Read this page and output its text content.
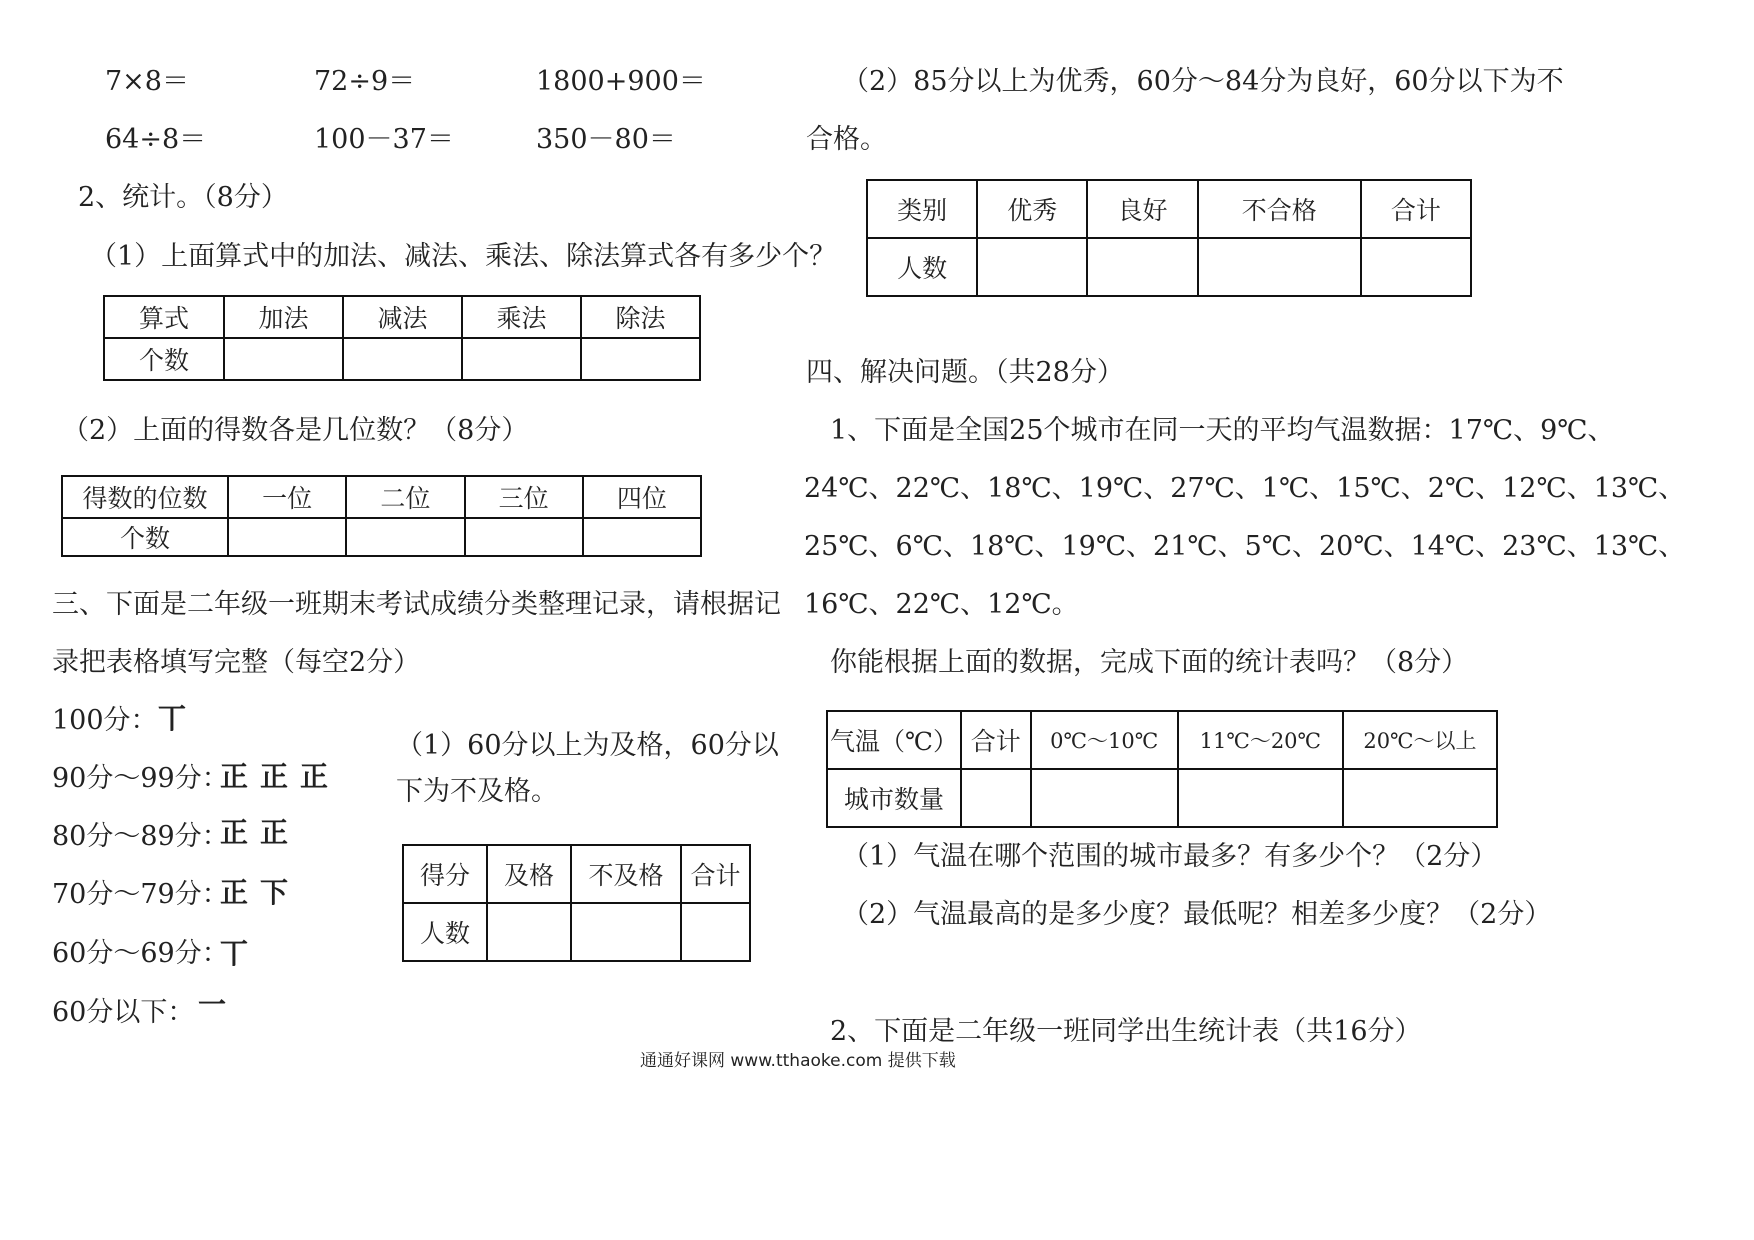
7×8＝	72÷9＝	1800+900＝
64÷8＝	100－37＝	350－80＝
2、统计。（8分）
（1）上面算式中的加法、减法、乘法、除法算式各有多少个？
算式	加法	减法	乘法	除法
个数				
（2）上面的得数各是几位数？（8分）
得数的位数	一位	二位	三位	四位
个数				
三、下面是二年级一班期末考试成绩分类整理记录，请根据记
录把表格填写完整（每空2分）
100分： 丅
90分～99分：
正正正
80分～89分：
正正
70分～79分：
正下
60分～69分：
丅
60分以下： 一
（1）60分以上为及格，60分以
下为不及格。
得分	及格	不及格	合计
人数			
（2）85分以上为优秀，60分～84分为良好，60分以下为不
合格。
类别	优秀	良好	不合格	合计
人数				
四、解决问题。（共28分）
1、下面是全国25个城市在同一天的平均气温数据：17℃、9℃、
24℃、22℃、18℃、19℃、27℃、1℃、15℃、2℃、12℃、13℃、
25℃、6℃、18℃、19℃、21℃、5℃、20℃、14℃、23℃、13℃、
16℃、22℃、12℃。
你能根据上面的数据，完成下面的统计表吗？（8分）
气温（℃）	合计	0℃～10℃	11℃～20℃	20℃～以上
城市数量				
（1）气温在哪个范围的城市最多？有多少个？（2分）
（2）气温最高的是多少度？最低呢？相差多少度？（2分）
2、下面是二年级一班同学出生统计表（共16分）
通通好课网 www.tthaoke.com 提供下载
